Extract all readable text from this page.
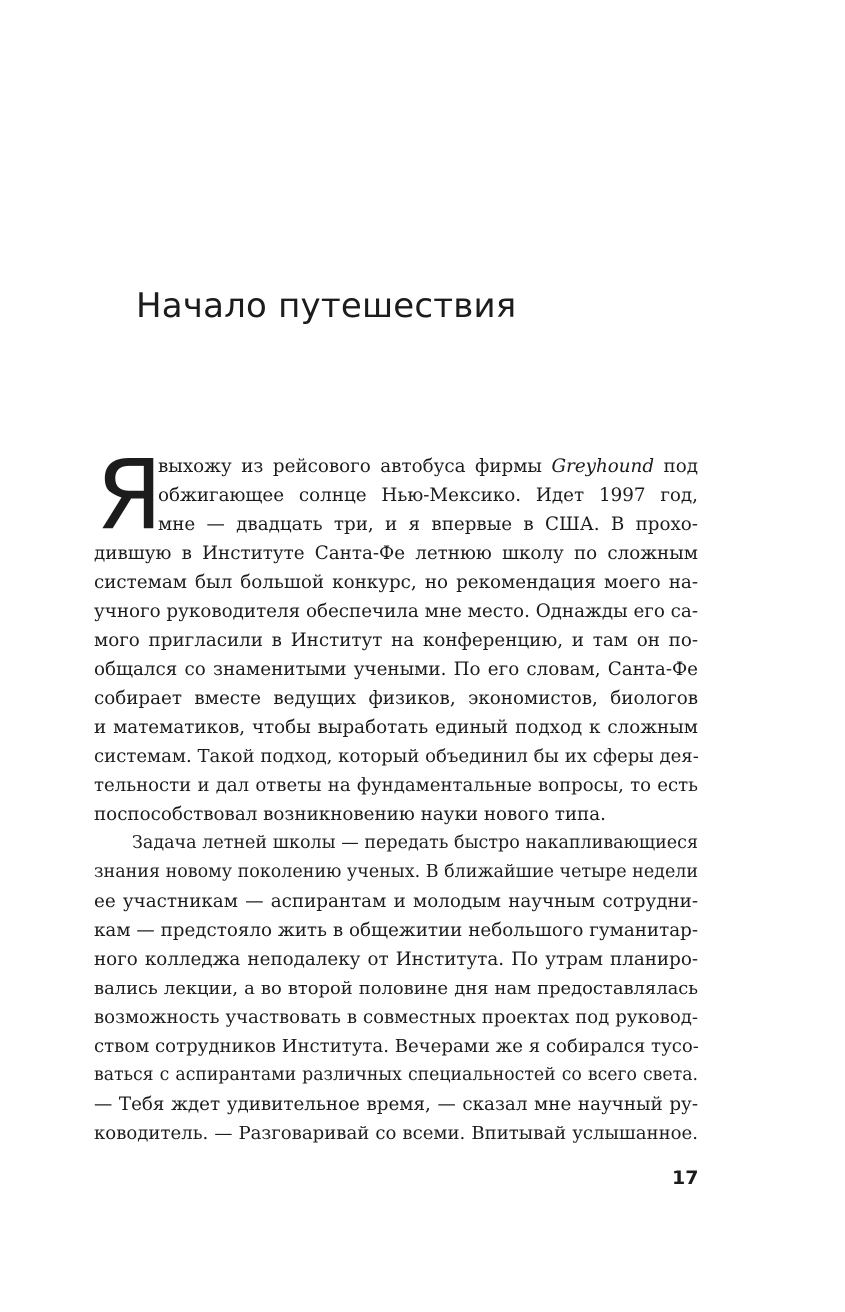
Начало путешествия
Я
выхожу из рейсового автобуса фирмы Greyhound под
обжигающее солнце Нью-Мексико. Идет 1997 год,
мне — двадцать три, и я впервые в США. В прохо-
дившую в Институте Санта-Фе летнюю школу по сложным
системам был большой конкурс, но рекомендация моего на-
учного руководителя обеспечила мне место. Однажды его са-
мого пригласили в Институт на конференцию, и там он по-
общался со знаменитыми учеными. По его словам, Санта-Фе
собирает вместе ведущих физиков, экономистов, биологов
и математиков, чтобы выработать единый подход к сложным
системам. Такой подход, который объединил бы их сферы дея-
тельности и дал ответы на фундаментальные вопросы, то есть
поспособствовал возникновению науки нового типа.
Задача летней школы — передать быстро накапливающиеся
знания новому поколению ученых. В ближайшие четыре недели
ее участникам — аспирантам и молодым научным сотрудни-
кам — предстояло жить в общежитии небольшого гуманитар-
ного колледжа неподалеку от Института. По утрам планиро-
вались лекции, а во второй половине дня нам предоставлялась
возможность участвовать в совместных проектах под руковод-
ством сотрудников Института. Вечерами же я собирался тусо-
ваться с аспирантами различных специальностей со всего света.
— Тебя ждет удивительное время, — сказал мне научный ру-
ководитель. — Разговаривай со всеми. Впитывай услышанное.
17
